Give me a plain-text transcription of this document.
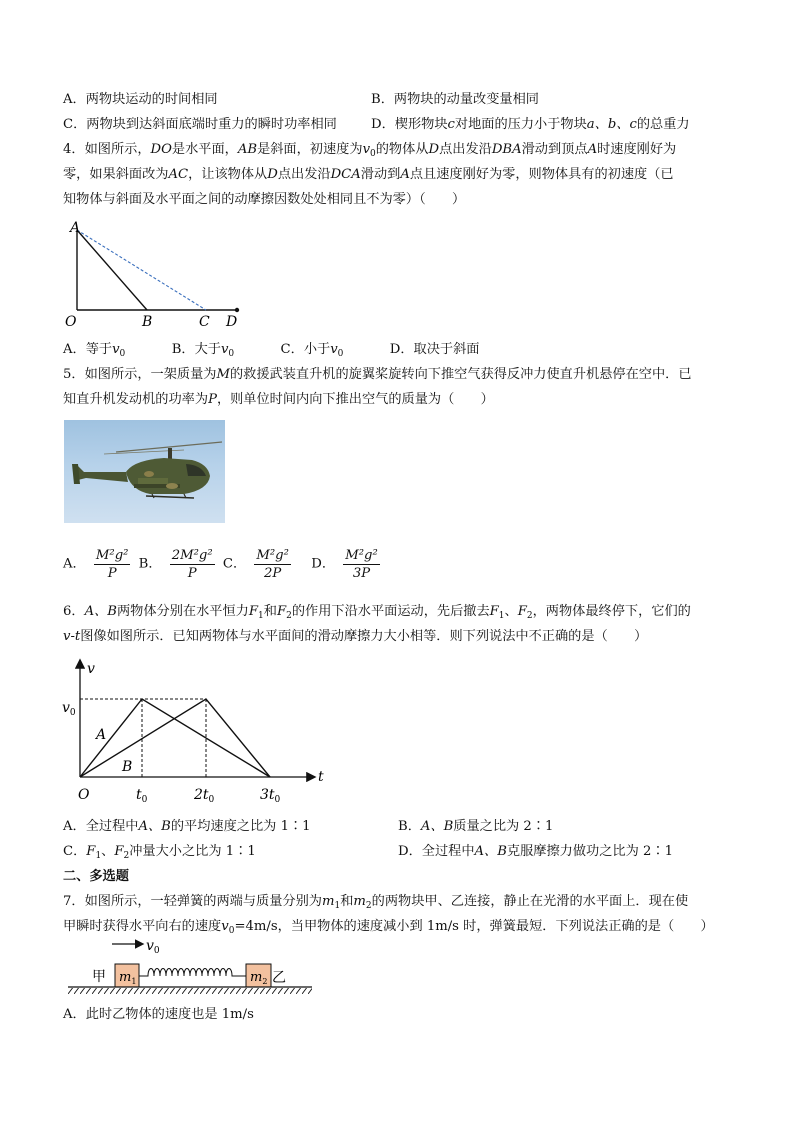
A．两物块运动的时间相同	B．两物块的动量改变量相同
C．两物块到达斜面底端时重力的瞬时功率相同	D．楔形物块c对地面的压力小于物块a、b、c的总重力
4．如图所示，DO是水平面，AB是斜面，初速度为$v_0$的物体从D点出发沿DBA滑动到顶点A时速度刚好为
零，如果斜面改为AC，让该物体从D点出发沿DCA滑动到A点且速度刚好为零，则物体具有的初速度（已
知物体与斜面及水平面之间的动摩擦因数处处相同且不为零）（　　）
A
O	B	C D
A．等于$v_0$	B．大于$v_0$	C．小于$v_0$	D．取决于斜面
5．如图所示，一架质量为M的救援武装直升机的旋翼桨旋转向下推空气获得反冲力使直升机悬停在空中．已
知直升机发动机的功率为P，则单位时间内向下推出空气的质量为（　　）
A． $\frac{\text{M²g²}}{P}$ B． $\frac{\text{2M²g²}}{P}$ C． $\frac{\text{M²g²}}{2P}$ D． $\frac{\text{M²g²}}{3P}$
6．A、B两物体分别在水平恒力$F_1$和$F_2$的作用下沿水平面运动，先后撤去$F_1$、$F_2$，两物体最终停下，它们的
v-t图像如图所示．已知两物体与水平面间的滑动摩擦力大小相等．则下列说法中不正确的是（　　）
v
t
O
$v_0$
A
B
$t_0$	$2t_0$	$3t_0$
A．全过程中A、B的平均速度之比为 1∶1	B．A、B质量之比为 2∶1
C．$F_1$、$F_2$冲量大小之比为 1∶1	D．全过程中A、B克服摩擦力做功之比为 2∶1
二、多选题
7．如图所示，一轻弹簧的两端与质量分别为$m_1$和$m_2$的两物块甲、乙连接，静止在光滑的水平面上．现在使
甲瞬时获得水平向右的速度$v_0=4m/s$，当甲物体的速度减小到 1m/s 时，弹簧最短．下列说法正确的是（　　）
$v_0$
甲 $m_1$	$m_2$ 乙
A．此时乙物体的速度也是 1m/s
